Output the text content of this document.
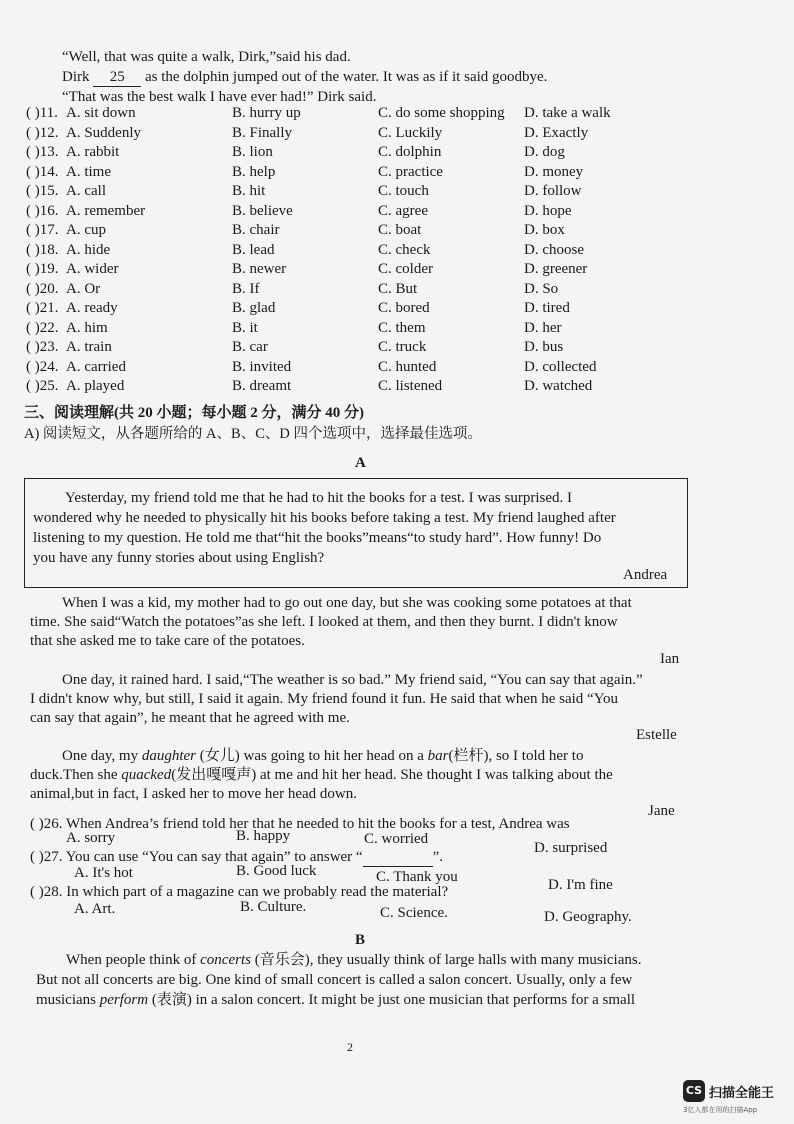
“Well, that was quite a walk, Dirk,”said his dad.
Dirk 25 as the dolphin jumped out of the water. It was as if it said goodbye.
“That was the best walk I have ever had!” Dirk said.
( )11. A. sit down	B. hurry up	C. do some shopping D. take a walk
( )12. A. Suddenly	B. Finally	C. Luckily	D. Exactly
( )13. A. rabbit	B. lion	C. dolphin	D. dog
( )14. A. time	B. help	C. practice	D. money
( )15. A. call	B. hit	C. touch	D. follow
( )16. A. remember	B. believe	C. agree	D. hope
( )17. A. cup	B. chair	C. boat	D. box
( )18. A. hide	B. lead	C. check	D. choose
( )19. A. wider	B. newer	C. colder	D. greener
( )20. A. Or	B. If	C. But	D. So
( )21. A. ready	B. glad	C. bored	D. tired
( )22. A. him	B. it	C. them	D. her
( )23. A. train	B. car	C. truck	D. bus
( )24. A. carried	B. invited	C. hunted	D. collected
( )25. A. played	B. dreamt	C. listened	D. watched
三、阅读理解(共 20 小题；每小题 2 分，满分 40 分)
A) 阅读短文，从各题所给的 A、B、C、D 四个选项中，选择最佳选项。
A
Yesterday, my friend told me that he had to hit the books for a test. I was surprised. I
wondered why he needed to physically hit his books before taking a test. My friend laughed after
listening to my question. He told me that“hit the books”means“to study hard”. How funny! Do
you have any funny stories about using English?
Andrea
When I was a kid, my mother had to go out one day, but she was cooking some potatoes at that
time. She said“Watch the potatoes”as she left. I looked at them, and then they burnt. I didn't know
that she asked me to take care of the potatoes.
Ian
One day, it rained hard. I said,“The weather is so bad.” My friend said, “You can say that again.”
I didn't know why, but still, I said it again. My friend found it fun. He said that when he said “You
can say that again”, he meant that he agreed with me.
Estelle
One day, my daughter (女儿) was going to hit her head on a bar(栏杆), so I told her to
duck.Then she quacked(发出嘎嘎声) at me and hit her head. She thought I was talking about the
animal,but in fact, I asked her to move her head down.
Jane
( )26. When Andrea’s friend told her that he needed to hit the books for a test, Andrea was
A. sorry	B. happy	C. worried
D. surprised
( )27. You can use “You can say that again” to answer “	”.
A. It's hot	B. Good luck	C. Thank you	D. I'm fine
( )28. In which part of a magazine can we probably read the material?
A. Art.	B. Culture.	C. Science.	D. Geography.
B
When people think of concerts (音乐会), they usually think of large halls with many musicians.
But not all concerts are big. One kind of small concert is called a salon concert. Usually, only a few
musicians perform (表演) in a salon concert. It might be just one musician that performs for a small
2
CS 扫描全能王
3亿人都在用的扫描App
